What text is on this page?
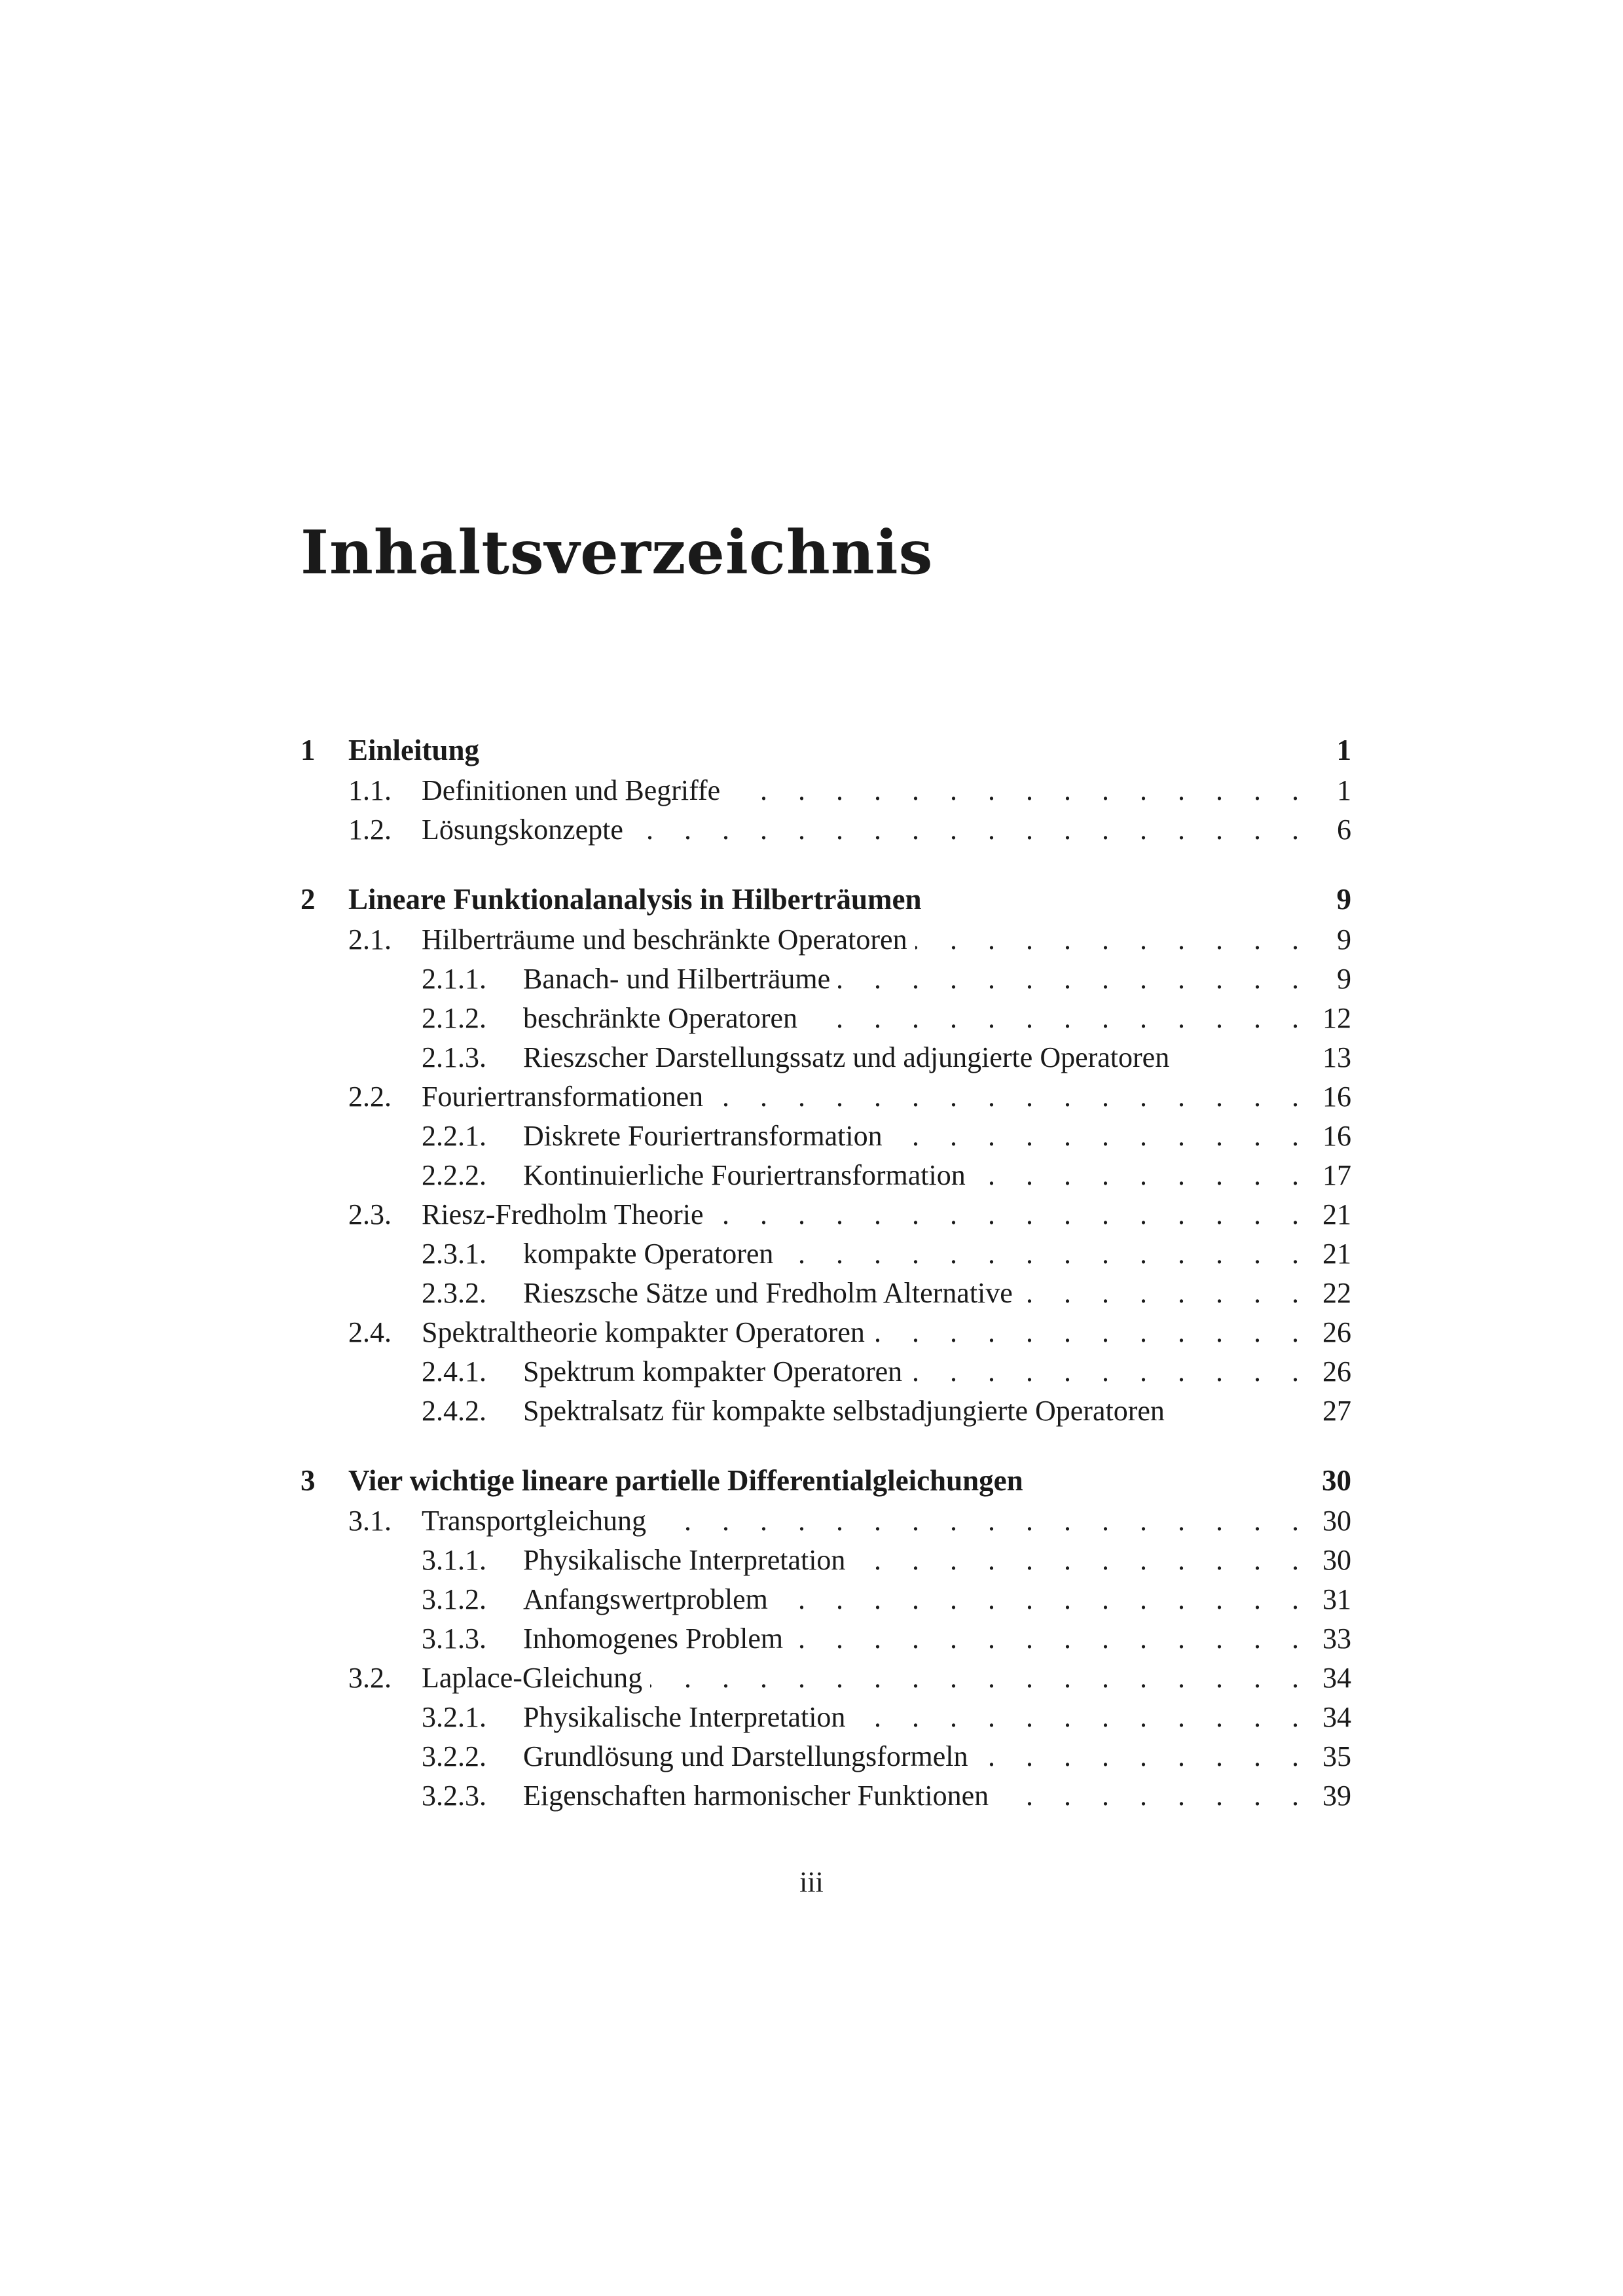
Inhaltsverzeichnis
1	Einleitung	1
1.1.	Definitionen und Begriffe . . .	1
1.2.	Lösungskonzepte . . .	6
2	Lineare Funktionalanalysis in Hilberträumen	9
2.1.	Hilberträume und beschränkte Operatoren . . .	9
2.1.1.	Banach- und Hilberträume . . .	9
2.1.2.	beschränkte Operatoren . . .	12
2.1.3.	Rieszscher Darstellungssatz und adjungierte Operatoren	13
2.2.	Fouriertransformationen . . .	16
2.2.1.	Diskrete Fouriertransformation . . .	16
2.2.2.	Kontinuierliche Fouriertransformation . . .	17
2.3.	Riesz-Fredholm Theorie . . .	21
2.3.1.	kompakte Operatoren . . .	21
2.3.2.	Rieszsche Sätze und Fredholm Alternative . . .	22
2.4.	Spektraltheorie kompakter Operatoren . . .	26
2.4.1.	Spektrum kompakter Operatoren . . .	26
2.4.2.	Spektralsatz für kompakte selbstadjungierte Operatoren	27
3	Vier wichtige lineare partielle Differentialgleichungen	30
3.1.	Transportgleichung . . .	30
3.1.1.	Physikalische Interpretation . . .	30
3.1.2.	Anfangswertproblem . . .	31
3.1.3.	Inhomogenes Problem . . .	33
3.2.	Laplace-Gleichung . . .	34
3.2.1.	Physikalische Interpretation . . .	34
3.2.2.	Grundlösung und Darstellungsformeln . . .	35
3.2.3.	Eigenschaften harmonischer Funktionen . . .	39
iii
